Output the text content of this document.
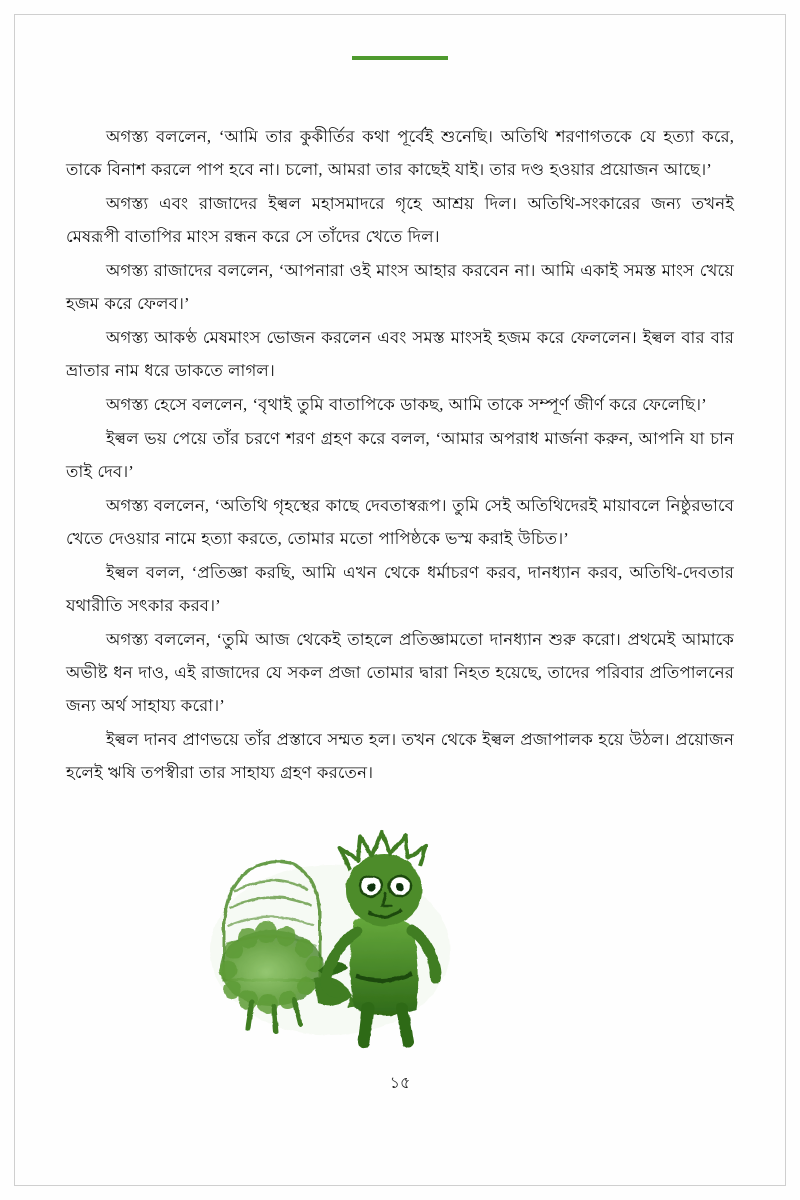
অগস্ত্য বললেন, ‘আমি তার কুকীর্তির কথা পূর্বেই শুনেছি। অতিথি শরণাগতকে যে হত্যা করে, তাকে বিনাশ করলে পাপ হবে না। চলো, আমরা তার কাছেই যাই। তার দণ্ড হওয়ার প্রয়োজন আছে।’

অগস্ত্য এবং রাজাদের ইল্বল মহাসমাদরে গৃহে আশ্রয় দিল। অতিথি-সংকারের জন্য তখনই মেষরূপী বাতাপির মাংস রন্ধন করে সে তাঁদের খেতে দিল।

অগস্ত্য রাজাদের বললেন, ‘আপনারা ওই মাংস আহার করবেন না। আমি একাই সমস্ত মাংস খেয়ে হজম করে ফেলব।’

অগস্ত্য আকণ্ঠ মেষমাংস ভোজন করলেন এবং সমস্ত মাংসই হজম করে ফেললেন। ইল্বল বার বার ভ্রাতার নাম ধরে ডাকতে লাগল।

অগস্ত্য হেসে বললেন, ‘বৃথাই তুমি বাতাপিকে ডাকছ, আমি তাকে সম্পূর্ণ জীর্ণ করে ফেলেছি।’

ইল্বল ভয় পেয়ে তাঁর চরণে শরণ গ্রহণ করে বলল, ‘আমার অপরাধ মার্জনা করুন, আপনি যা চান তাই দেব।’

অগস্ত্য বললেন, ‘অতিথি গৃহস্থের কাছে দেবতাস্বরূপ। তুমি সেই অতিথিদেরই মায়াবলে নিষ্ঠুরভাবে খেতে দেওয়ার নামে হত্যা করতে, তোমার মতো পাপিষ্ঠকে ভস্ম করাই উচিত।’

ইল্বল বলল, ‘প্রতিজ্ঞা করছি, আমি এখন থেকে ধর্মাচরণ করব, দানধ্যান করব, অতিথি-দেবতার যথারীতি সৎকার করব।’

অগস্ত্য বললেন, ‘তুমি আজ থেকেই তাহলে প্রতিজ্ঞামতো দানধ্যান শুরু করো। প্রথমেই আমাকে অভীষ্ট ধন দাও, এই রাজাদের যে সকল প্রজা তোমার দ্বারা নিহত হয়েছে, তাদের পরিবার প্রতিপালনের জন্য অর্থ সাহায্য করো।’

ইল্বল দানব প্রাণভয়ে তাঁর প্রস্তাবে সম্মত হল। তখন থেকে ইল্বল প্রজাপালক হয়ে উঠল। প্রয়োজন হলেই ঋষি তপস্বীরা তার সাহায্য গ্রহণ করতেন।

১৫
